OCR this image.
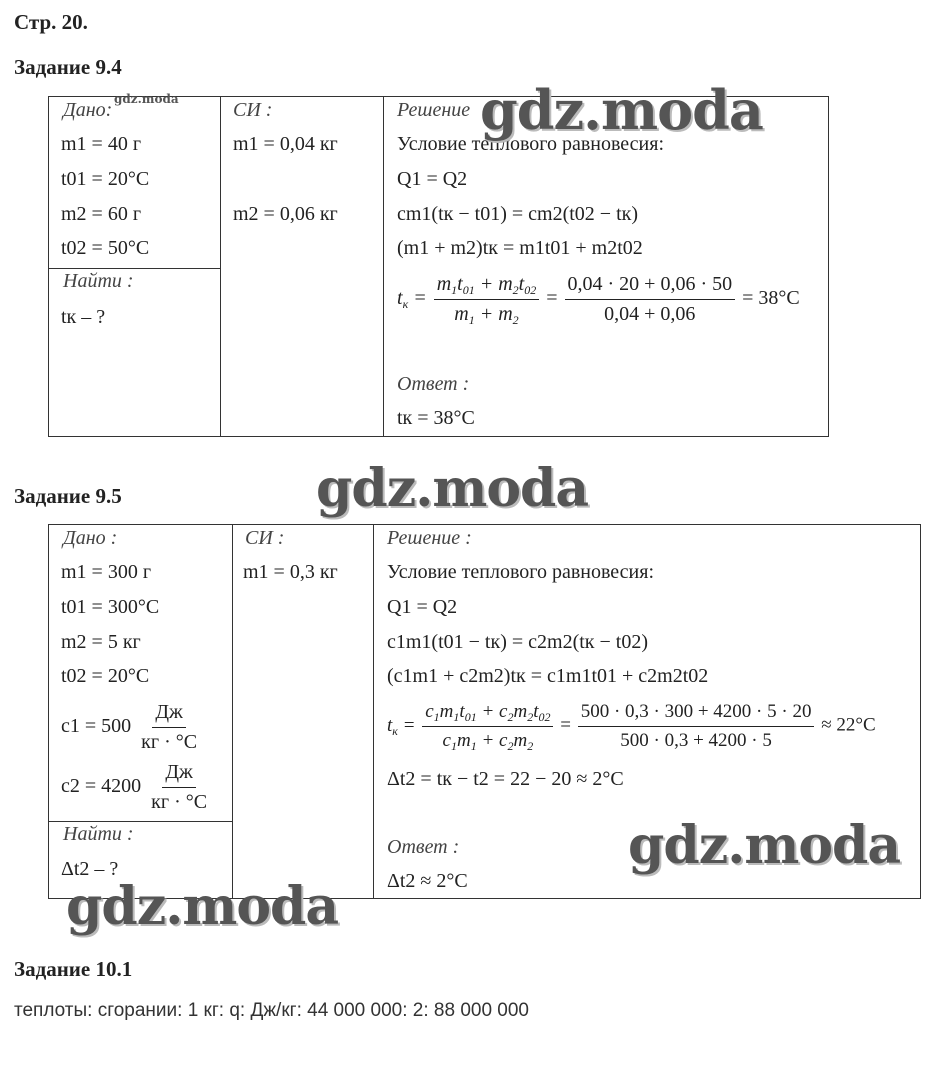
Стр. 20.
Задание 9.4
Дано:
m1 = 40 г
t01 = 20°C
m2 = 60 г
t02 = 50°C
Найти :
tк – ?
СИ :
m1 = 0,04 кг
m2 = 0,06 кг
Решение
Условие теплового равновесия:
Q1 = Q2
cm1(tк − t01) = cm2(t02 − tк)
(m1 + m2)tк = m1t01 + m2t02
$t_к = \frac{m_1t_{01} + m_2t_{02}}{m_1 + m_2} = \frac{0,04 \cdot 20 + 0,06 \cdot 50}{0,04 + 0,06} = 38^\circ C$
Ответ :
tк = 38°C
Задание 9.5
Дано :
m1 = 300 г
t01 = 300°C
m2 = 5 кг
t02 = 20°C
$c1 = 500 \frac{Дж}{кг \cdot ^\circ C}$
$c2 = 4200 \frac{Дж}{кг \cdot ^\circ C}$
Найти :
Δt2 – ?
СИ :
m1 = 0,3 кг
Решение :
Условие теплового равновесия:
Q1 = Q2
c1m1(t01 − tк) = c2m2(tк − t02)
(c1m1 + c2m2)tк = c1m1t01 + c2m2t02
$t_к = \frac{c_1m_1t_{01} + c_2m_2t_{02}}{c_1m_1 + c_2m_2} = \frac{500 \cdot 0,3 \cdot 300 + 4200 \cdot 5 \cdot 20}{500 \cdot 0,3 + 4200 \cdot 5} \approx 22^\circ C$
Δt2 = tк − t2 = 22 − 20 ≈ 2°C
Ответ :
Δt2 ≈ 2°C
Задание 10.1
теплоты: сгорании: 1 кг: q: Дж/кг: 44 000 000: 2: 88 000 000
gdz.moda	gdz.moda
gdz.moda
gdz.moda
gdz.moda
